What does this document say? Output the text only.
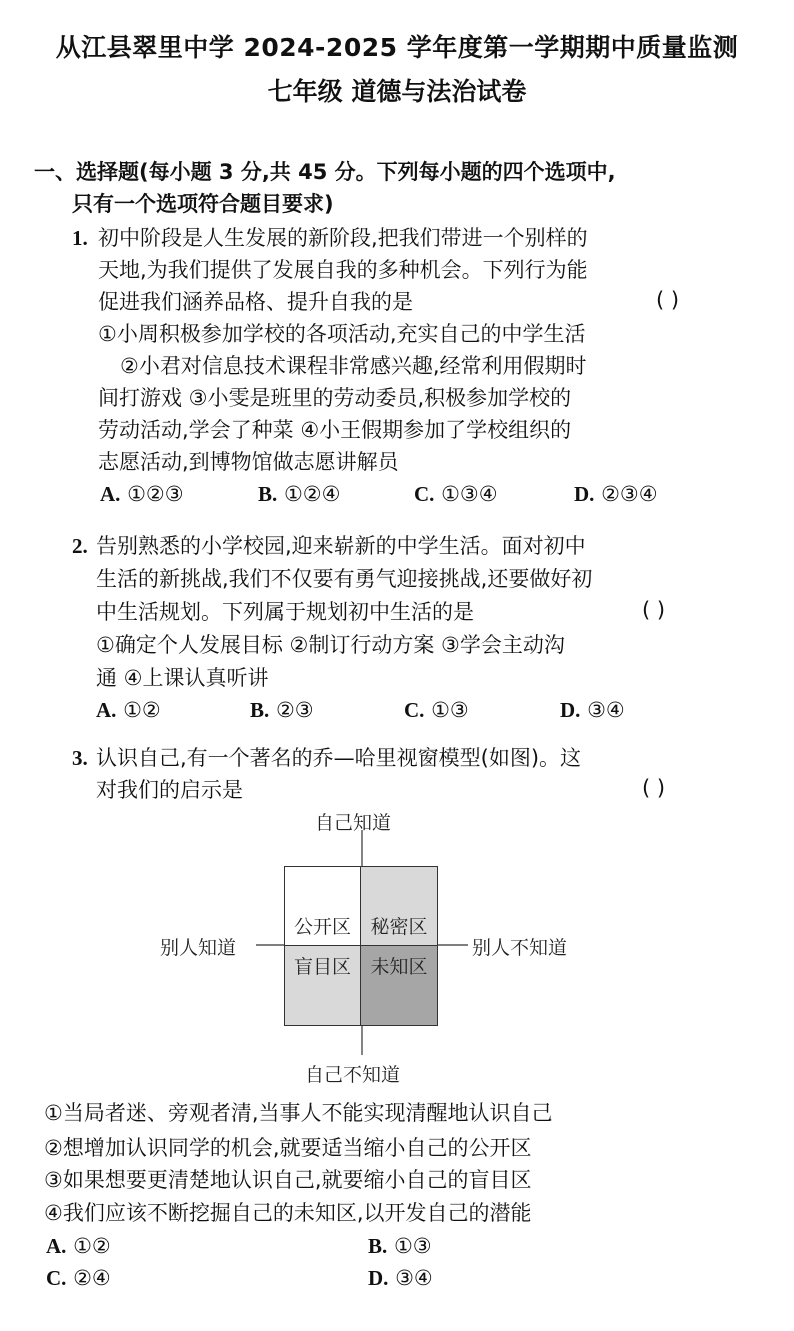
从江县翠里中学 2024-2025 学年度第一学期期中质量监测
七年级 道德与法治试卷
一、选择题(每小题 3 分,共 45 分。下列每小题的四个选项中,
只有一个选项符合题目要求)
1. 初中阶段是人生发展的新阶段,把我们带进一个别样的
天地,为我们提供了发展自我的多种机会。下列行为能
促进我们涵养品格、提升自我的是	( )
①小周积极参加学校的各项活动,充实自己的中学生活
②小君对信息技术课程非常感兴趣,经常利用假期时
间打游戏 ③小雯是班里的劳动委员,积极参加学校的
劳动活动,学会了种菜 ④小王假期参加了学校组织的
志愿活动,到博物馆做志愿讲解员
A. ①②③	B. ①②④	C. ①③④	D. ②③④
2. 告别熟悉的小学校园,迎来崭新的中学生活。面对初中
生活的新挑战,我们不仅要有勇气迎接挑战,还要做好初
中生活规划。下列属于规划初中生活的是	( )
①确定个人发展目标 ②制订行动方案 ③学会主动沟
通 ④上课认真听讲
A. ①②	B. ②③	C. ①③	D. ③④
3. 认识自己,有一个著名的乔—哈里视窗模型(如图)。这
对我们的启示是	( )
自己知道
自己不知道
别人知道	别人不知道
公开区 秘密区
盲目区 未知区
①当局者迷、旁观者清,当事人不能实现清醒地认识自己
②想增加认识同学的机会,就要适当缩小自己的公开区
③如果想要更清楚地认识自己,就要缩小自己的盲目区
④我们应该不断挖掘自己的未知区,以开发自己的潜能
A. ①②	B. ①③
C. ②④	D. ③④
